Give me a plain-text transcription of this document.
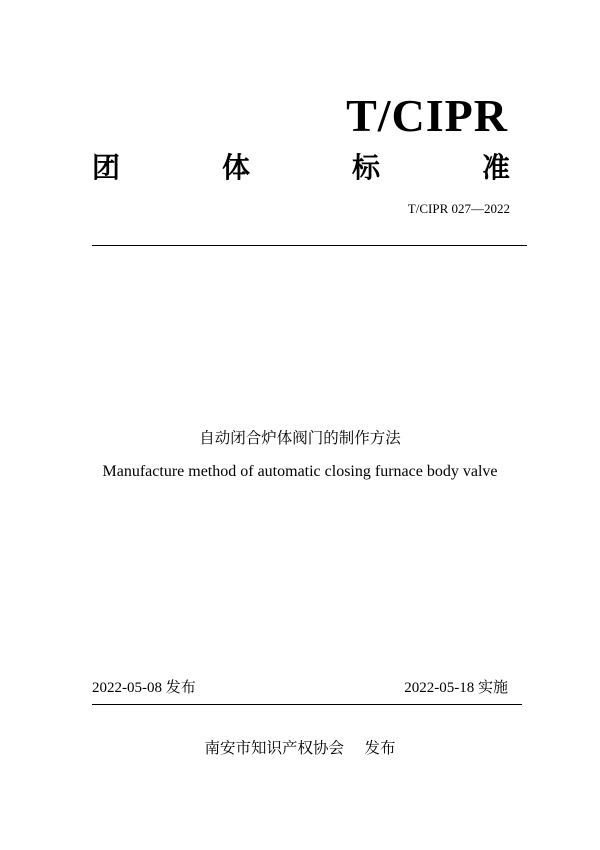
T/CIPR
团	体	标	准
T/CIPR 027—2022
自动闭合炉体阀门的制作方法
Manufacture method of automatic closing furnace body valve
2022-05-08 发布	2022-05-18 实施
南安市知识产权协会　 发布
